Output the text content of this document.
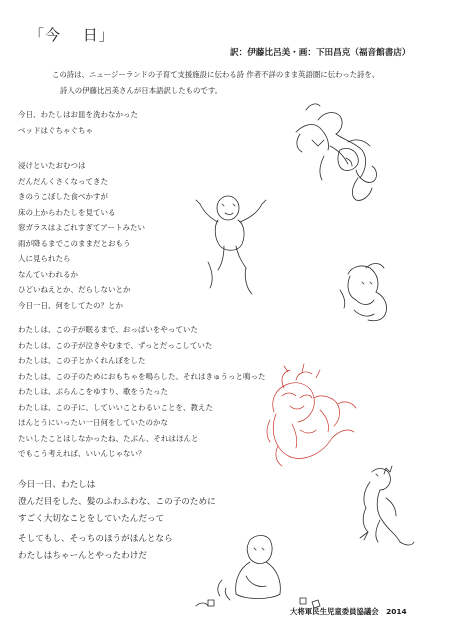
「今　 日」
訳：伊藤比呂美・画：下田昌克（福音館書店）

この詩は、ニュージーランドの子育て支援施設に伝わる詩 作者不詳のまま英語圏に伝わった詩を、

詩人の伊藤比呂美さんが日本語訳したものです。

今日、わたしはお皿を洗わなかった

ベッドはぐちゃぐちゃ

浸けといたおむつは

だんだんくさくなってきた

きのうこぼした食べかすが

床の上からわたしを見ている

窓ガラスはよごれすぎてアートみたい

雨が降るまでこのままだとおもう

人に見られたら

なんていわれるか

ひどいねえとか、だらしないとか

今日一日、何をしてたの？とか

わたしは、この子が眠るまで、おっぱいをやっていた

わたしは、この子が泣きやむまで、ずっとだっこしていた

わたしは、この子とかくれんぼをした

わたしは、この子のためにおもちゃを鳴らした、それはきゅうっと鳴った

わたしは、ぶらんこをゆすり、歌をうたった

わたしは、この子に、していいことわるいことを、教えた

ほんとうにいったい一日何をしていたのかな

たいしたことはしなかったね、たぶん、それはほんと

でもこう考えれば、いいんじゃない？

今日一日、わたしは

澄んだ目をした、髪のふわふわな、この子のために

すごく大切なことをしていたんだって

そしてもし、そっちのほうがほんとなら

わたしはちゃーんとやったわけだ

大将軍民生児童委員協議会　2014
